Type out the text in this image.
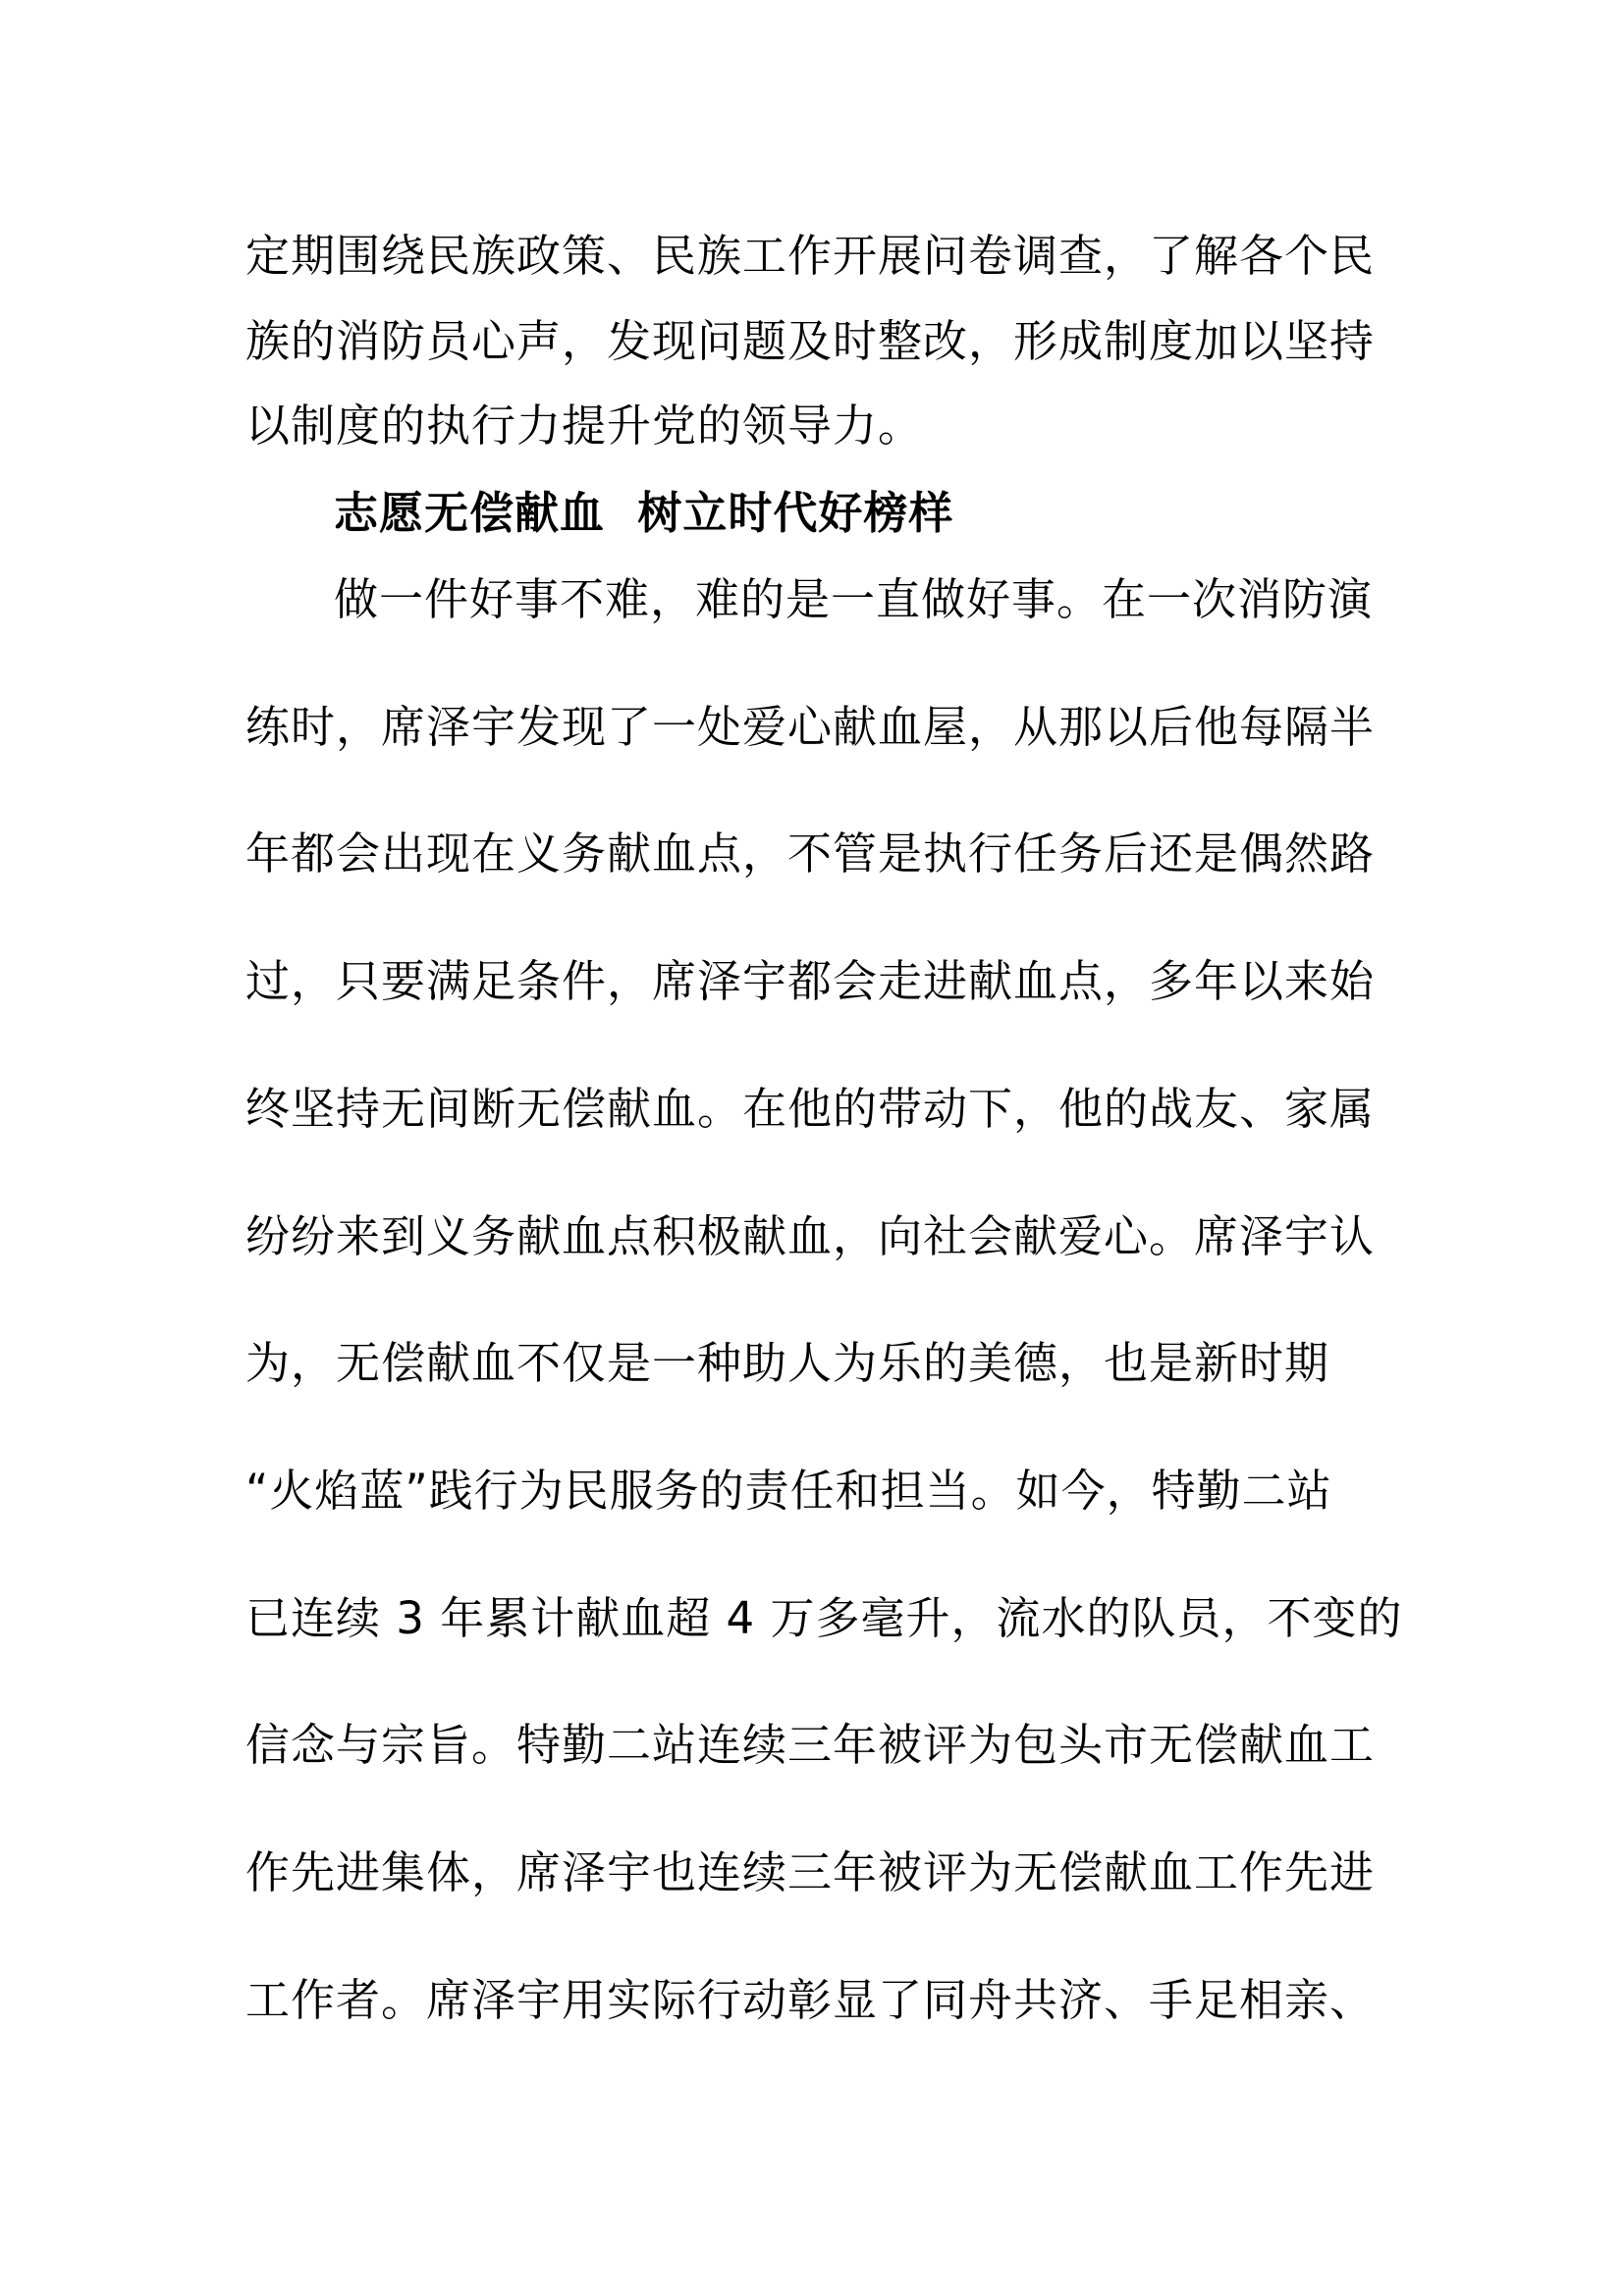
定期围绕民族政策、民族工作开展问卷调查，了解各个民
族的消防员心声，发现问题及时整改，形成制度加以坚持
以制度的执行力提升党的领导力。
志愿无偿献血  树立时代好榜样
做一件好事不难，难的是一直做好事。在一次消防演
练时，席泽宇发现了一处爱心献血屋，从那以后他每隔半
年都会出现在义务献血点，不管是执行任务后还是偶然路
过，只要满足条件，席泽宇都会走进献血点，多年以来始
终坚持无间断无偿献血。在他的带动下，他的战友、家属
纷纷来到义务献血点积极献血，向社会献爱心。席泽宇认
为，无偿献血不仅是一种助人为乐的美德，也是新时期
“火焰蓝”践行为民服务的责任和担当。如今，特勤二站
已连续 3 年累计献血超 4 万多毫升，流水的队员，不变的
信念与宗旨。特勤二站连续三年被评为包头市无偿献血工
作先进集体，席泽宇也连续三年被评为无偿献血工作先进
工作者。席泽宇用实际行动彰显了同舟共济、手足相亲、
